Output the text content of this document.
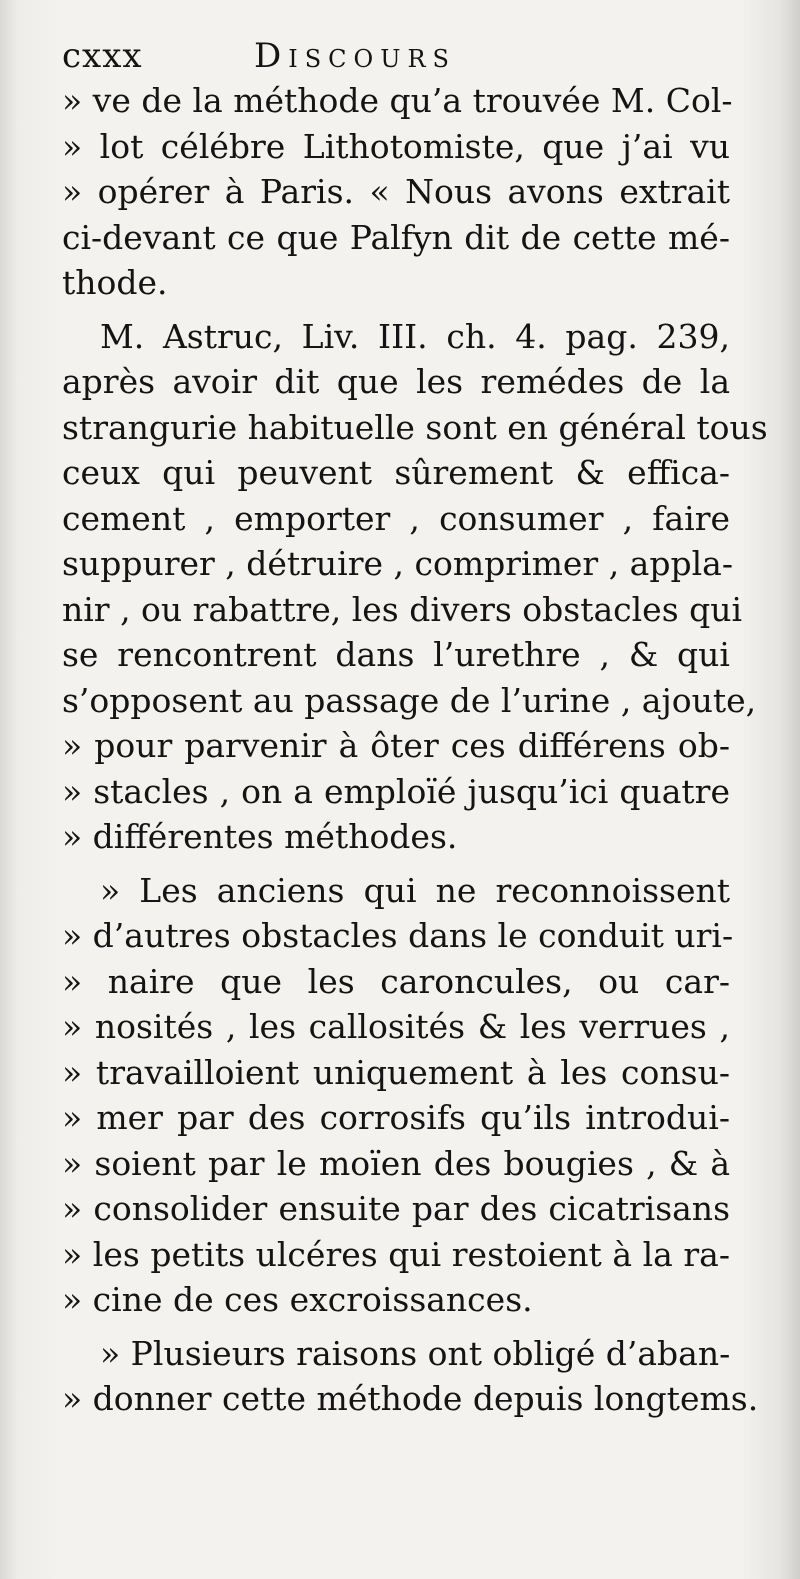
cxxx	Discours
» ve de la méthode qu’a trouvée M. Col-
» lot célébre Lithotomiste, que j’ai vu
» opérer à Paris. « Nous avons extrait
ci-devant ce que Palfyn dit de cette mé-
thode.
M. Astruc, Liv. III. ch. 4. pag. 239,
après avoir dit que les remédes de la
strangurie habituelle sont en général tous
ceux qui peuvent sûrement & effica-
cement , emporter , consumer , faire
suppurer , détruire , comprimer , appla-
nir , ou rabattre, les divers obstacles qui
se rencontrent dans l’urethre , & qui
s’opposent au passage de l’urine , ajoute,
» pour parvenir à ôter ces différens ob-
» stacles , on a emploïé jusqu’ici quatre
» différentes méthodes.
» Les anciens qui ne reconnoissent
» d’autres obstacles dans le conduit uri-
» naire que les caroncules, ou car-
» nosités , les callosités & les verrues ,
» travailloient uniquement à les consu-
» mer par des corrosifs qu’ils introdui-
» soient par le moïen des bougies , & à
» consolider ensuite par des cicatrisans
» les petits ulcéres qui restoient à la ra-
» cine de ces excroissances.
» Plusieurs raisons ont obligé d’aban-
» donner cette méthode depuis longtems.
